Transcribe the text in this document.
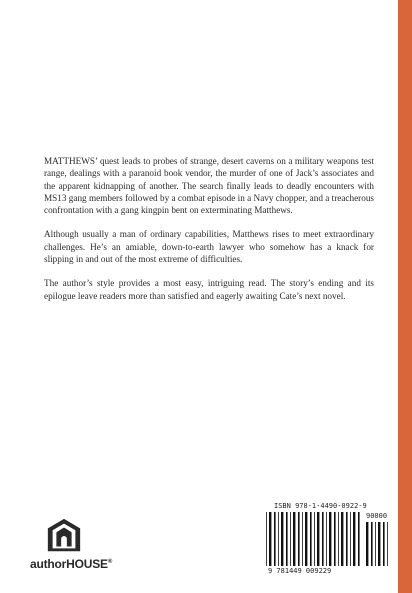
MATTHEWS’ quest leads to probes of strange, desert caverns on a military weapons test range, dealings with a paranoid book vendor, the murder of one of Jack’s associates and the apparent kidnapping of another. The search finally leads to deadly encounters with MS13 gang members followed by a combat episode in a Navy chopper, and a treacherous confrontation with a gang kingpin bent on exterminating Matthews.

Although usually a man of ordinary capabilities, Matthews rises to meet extraordinary challenges. He’s an amiable, down-to-earth lawyer who somehow has a knack for slipping in and out of the most extreme of difficulties.

The author’s style provides a most easy, intriguing read. The story’s ending and its epilogue leave readers more than satisfied and eagerly awaiting Cate’s next novel.

authorHOUSE®
ISBN 978-1-4490-0922-9
90000
9 781449 009229
